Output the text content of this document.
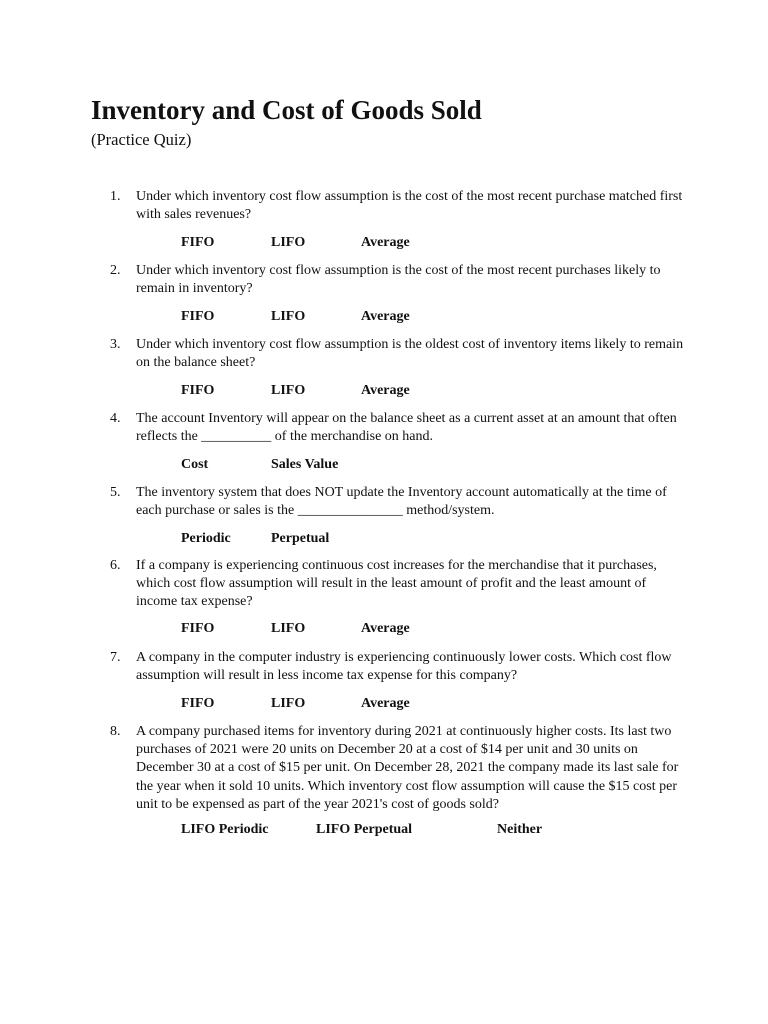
Inventory and Cost of Goods Sold
(Practice Quiz)
1. Under which inventory cost flow assumption is the cost of the most recent purchase matched first
with sales revenues?
FIFO	LIFO	Average
2. Under which inventory cost flow assumption is the cost of the most recent purchases likely to
remain in inventory?
FIFO	LIFO	Average
3. Under which inventory cost flow assumption is the oldest cost of inventory items likely to remain
on the balance sheet?
FIFO	LIFO	Average
4. The account Inventory will appear on the balance sheet as a current asset at an amount that often
reflects the __________ of the merchandise on hand.
Cost	Sales Value
5. The inventory system that does NOT update the Inventory account automatically at the time of
each purchase or sales is the _______________ method/system.
Periodic	Perpetual
6. If a company is experiencing continuous cost increases for the merchandise that it purchases,
which cost flow assumption will result in the least amount of profit and the least amount of
income tax expense?
FIFO	LIFO	Average
7. A company in the computer industry is experiencing continuously lower costs. Which cost flow
assumption will result in less income tax expense for this company?
FIFO	LIFO	Average
8. A company purchased items for inventory during 2021 at continuously higher costs. Its last two
purchases of 2021 were 20 units on December 20 at a cost of $14 per unit and 30 units on
December 30 at a cost of $15 per unit. On December 28, 2021 the company made its last sale for
the year when it sold 10 units. Which inventory cost flow assumption will cause the $15 cost per
unit to be expensed as part of the year 2021's cost of goods sold?
LIFO Periodic	LIFO Perpetual	Neither
